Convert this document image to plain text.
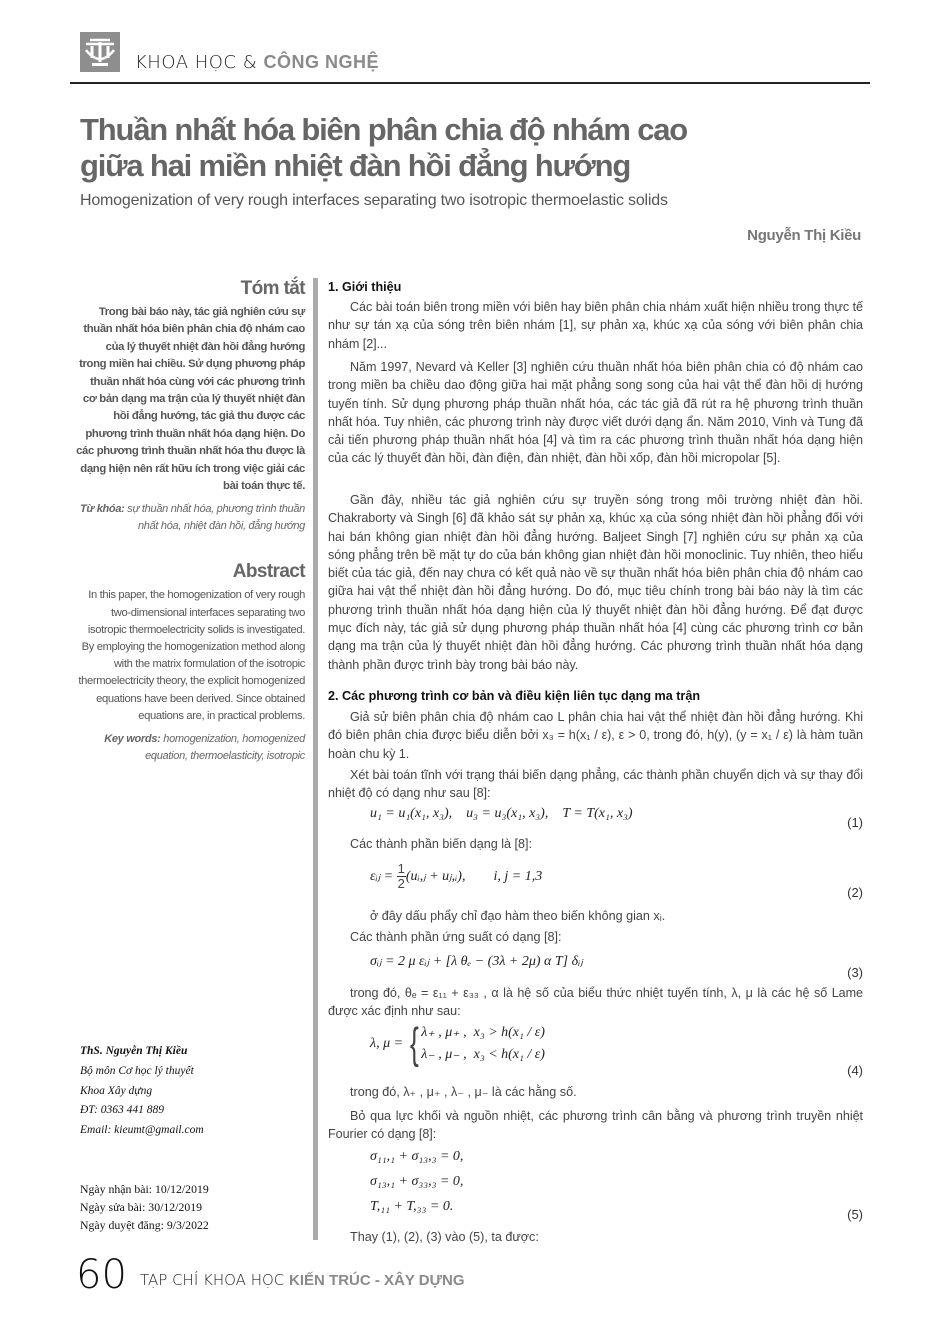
KHOA HỌC & CÔNG NGHỆ
Thuần nhất hóa biên phân chia độ nhám cao
giữa hai miền nhiệt đàn hồi đẳng hướng
Homogenization of very rough interfaces separating two isotropic thermoelastic solids
Nguyễn Thị Kiều
Tóm tắt
Trong bài báo này, tác giả nghiên cứu sự thuần nhất hóa biên phân chia độ nhám cao của lý thuyết nhiệt đàn hồi đẳng hướng trong miền hai chiều. Sử dụng phương pháp thuần nhất hóa cùng với các phương trình cơ bản dạng ma trận của lý thuyết nhiệt đàn hồi đẳng hướng, tác giả thu được các phương trình thuần nhất hóa dạng hiện. Do các phương trình thuần nhất hóa thu được là dạng hiện nên rất hữu ích trong việc giải các bài toán thực tế.
Từ khóa: sự thuần nhất hóa, phương trình thuần nhất hóa, nhiệt đàn hồi, đẳng hướng
Abstract
In this paper, the homogenization of very rough two-dimensional interfaces separating two isotropic thermoelectricity solids is investigated. By employing the homogenization method along with the matrix formulation of the isotropic thermoelectricity theory, the explicit homogenized equations have been derived. Since obtained equations are, in practical problems.
Key words: homogenization, homogenized equation, thermoelasticity, isotropic
ThS. Nguyễn Thị Kiều
Bộ môn Cơ học lý thuyết
Khoa Xây dựng
ĐT: 0363 441 889
Email: kieumt@gmail.com
Ngày nhận bài: 10/12/2019
Ngày sửa bài: 30/12/2019
Ngày duyệt đăng: 9/3/2022
1. Giới thiệu
Các bài toán biên trong miền với biên hay biên phân chia nhám xuất hiện nhiều trong thực tế như sự tán xạ của sóng trên biên nhám [1], sự phản xạ, khúc xạ của sóng với biên phân chia nhám [2]...
Năm 1997, Nevard và Keller [3] nghiên cứu thuần nhất hóa biên phân chia có độ nhám cao trong miền ba chiều dao động giữa hai mặt phẳng song song của hai vật thể đàn hồi dị hướng tuyến tính. Sử dụng phương pháp thuần nhất hóa, các tác giả đã rút ra hệ phương trình thuần nhất hóa. Tuy nhiên, các phương trình này được viết dưới dạng ẩn. Năm 2010, Vinh và Tung đã cải tiến phương pháp thuần nhất hóa [4] và tìm ra các phương trình thuần nhất hóa dạng hiện của các lý thuyết đàn hồi, đàn điện, đàn nhiệt, đàn hồi xốp, đàn hồi micropolar [5].
Gần đây, nhiều tác giả nghiên cứu sự truyền sóng trong môi trường nhiệt đàn hồi. Chakraborty và Singh [6] đã khảo sát sự phản xạ, khúc xạ của sóng nhiệt đàn hồi phẳng đối với hai bán không gian nhiệt đàn hồi đẳng hướng. Baljeet Singh [7] nghiên cứu sự phản xạ của sóng phẳng trên bề mặt tự do của bán không gian nhiệt đàn hồi monoclinic. Tuy nhiên, theo hiểu biết của tác giả, đến nay chưa có kết quả nào về sự thuần nhất hóa biên phân chia độ nhám cao giữa hai vật thể nhiệt đàn hồi đẳng hướng. Do đó, mục tiêu chính trong bài báo này là tìm các phương trình thuần nhất hóa dạng hiện của lý thuyết nhiệt đàn hồi đẳng hướng. Để đạt được mục đích này, tác giả sử dụng phương pháp thuần nhất hóa [4] cùng các phương trình cơ bản dạng ma trận của lý thuyết nhiệt đàn hồi đẳng hướng. Các phương trình thuần nhất hóa dạng thành phần được trình bày trong bài báo này.
2. Các phương trình cơ bản và điều kiện liên tục dạng ma trận
Giả sử biên phân chia độ nhám cao L phân chia hai vật thể nhiệt đàn hồi đẳng hướng. Khi đó biên phân chia được biểu diễn bởi x₃ = h(x₁ / ε), ε > 0, trong đó, h(y), (y = x₁ / ε) là hàm tuần hoàn chu kỳ 1.
Xét bài toán tĩnh với trạng thái biến dạng phẳng, các thành phần chuyển dịch và sự thay đổi nhiệt độ có dạng như sau [8]:
u₁ = u₁(x₁, x₃),    u₃ = u₃(x₁, x₃),    T = T(x₁, x₃)
(1)
Các thành phần biến dạng là [8]:
εᵢⱼ = $\frac{1}{2}$ (uᵢ,ⱼ + uⱼ,ᵢ),        i, j = 1,3
(2)
ở đây dấu phẩy chỉ đạo hàm theo biến không gian xᵢ.
Các thành phần ứng suất có dạng [8]:
σᵢⱼ = 2 μ εᵢⱼ + [λ θₑ − (3λ + 2μ) α T] δᵢⱼ
(3)
trong đó, θₑ = ε₁₁ + ε₃₃ , α là hệ số của biểu thức nhiệt tuyến tính, λ, μ là các hệ số Lame được xác định như sau:
λ, μ = { λ₊ , μ₊ ,  x₃ > h(x₁ / ε)
λ₋ , μ₋ ,  x₃ < h(x₁ / ε)
(4)
trong đó, λ₊ , μ₊ , λ₋ , μ₋ là các hằng số.
Bỏ qua lực khối và nguồn nhiệt, các phương trình cân bằng và phương trình truyền nhiệt Fourier có dạng [8]:
σ₁₁,₁ + σ₁₃,₃ = 0,
σ₁₃,₁ + σ₃₃,₃ = 0,
T,₁₁ + T,₃₃ = 0.
(5)
Thay (1), (2), (3) vào (5), ta được:
60 TẠP CHÍ KHOA HỌC KIẾN TRÚC - XÂY DỰNG
